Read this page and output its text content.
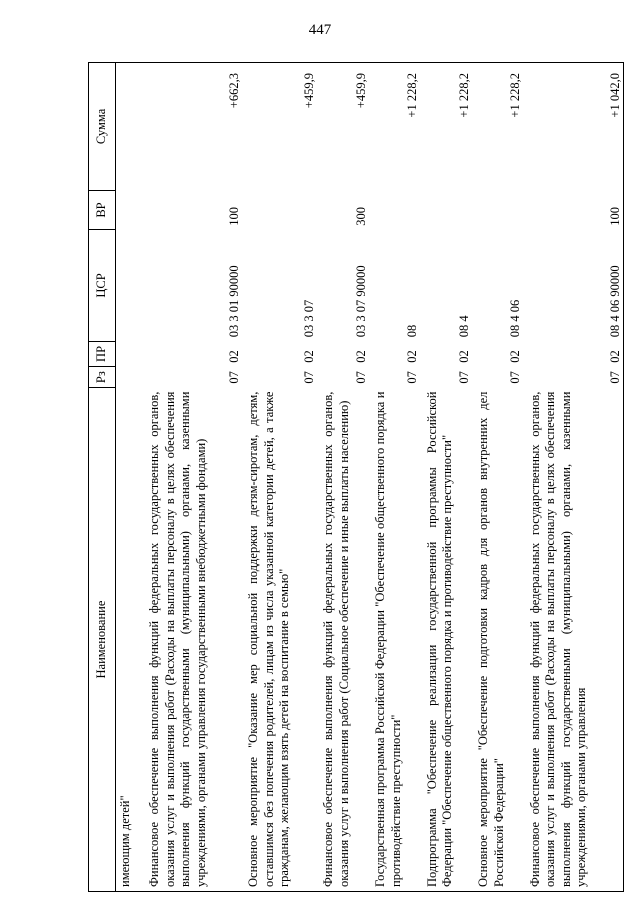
447
Наименование	Рз	ПР	ЦСР	ВР	Сумма
имеющим детей"					

Финансовое обеспечение выполнения функций федеральных государственных органов, оказания услуг и выполнения работ (Расходы на выплаты персоналу в целях обеспечения выполнения функций государственными (муниципальными) органами, казенными учреждениями, органами управления государственными внебюджетными фондами)	07	02	03 3 01 90000	100	+662,3

Основное мероприятие "Оказание мер социальной поддержки детям-сиротам, детям, оставшимся без попечения родителей, лицам из числа указанной категории детей, а также гражданам, желающим взять детей на воспитание в семью"	07	02	03 3 07		+459,9

Финансовое обеспечение выполнения функций федеральных государственных органов, оказания услуг и выполнения работ (Социальное обеспечение и иные выплаты населению)	07	02	03 3 07 90000	300	+459,9

Государственная программа Российской Федерации "Обеспечение общественного порядка и противодействие преступности"	07	02	08		+1 228,2

Подпрограмма "Обеспечение реализации государственной программы Российской Федерации "Обеспечение общественного порядка и противодействие преступности"	07	02	08 4		+1 228,2

Основное мероприятие "Обеспечение подготовки кадров для органов внутренних дел Российской Федерации"	07	02	08 4 06		+1 228,2

Финансовое обеспечение выполнения функций федеральных государственных органов, оказания услуг и выполнения работ (Расходы на выплаты персоналу в целях обеспечения выполнения функций государственными (муниципальными) органами, казенными учреждениями, органами управления	07	02	08 4 06 90000	100	+1 042,0
